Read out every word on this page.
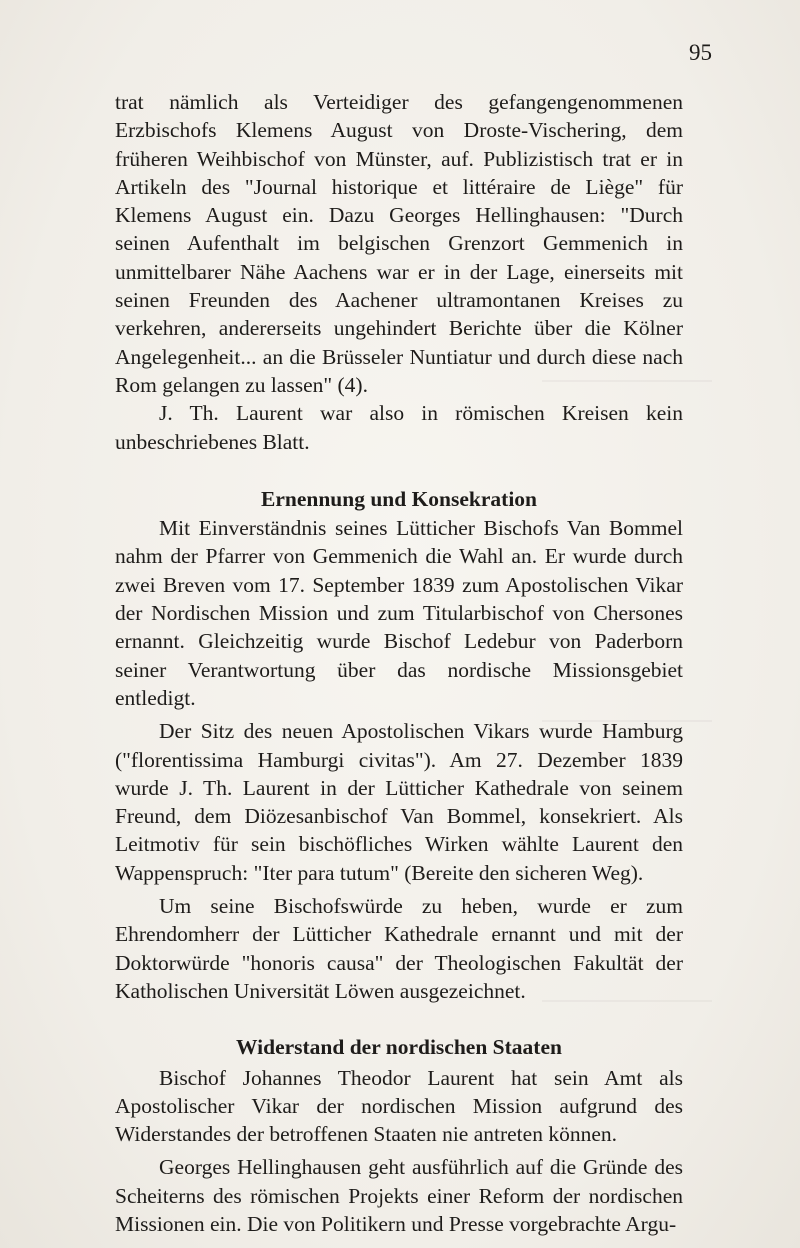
95

trat nämlich als Verteidiger des gefangengenommenen Erzbischofs Klemens August von Droste-Vischering, dem früheren Weihbischof von Münster, auf. Publizistisch trat er in Artikeln des "Journal historique et littéraire de Liège" für Klemens August ein. Dazu Georges Hellinghausen: "Durch seinen Aufenthalt im belgischen Grenzort Gemmenich in unmittelbarer Nähe Aachens war er in der Lage, einerseits mit seinen Freunden des Aachener ultramontanen Kreises zu verkehren, andererseits ungehindert Berichte über die Kölner Angelegenheit... an die Brüsseler Nuntiatur und durch diese nach Rom gelangen zu lassen" (4).

J. Th. Laurent war also in römischen Kreisen kein unbeschriebenes Blatt.

Ernennung und Konsekration

Mit Einverständnis seines Lütticher Bischofs Van Bommel nahm der Pfarrer von Gemmenich die Wahl an. Er wurde durch zwei Breven vom 17. September 1839 zum Apostolischen Vikar der Nordischen Mission und zum Titularbischof von Chersones ernannt. Gleichzeitig wurde Bischof Ledebur von Paderborn seiner Verantwortung über das nordische Missionsgebiet entledigt.

Der Sitz des neuen Apostolischen Vikars wurde Hamburg ("florentissima Hamburgi civitas"). Am 27. Dezember 1839 wurde J. Th. Laurent in der Lütticher Kathedrale von seinem Freund, dem Diözesanbischof Van Bommel, konsekriert. Als Leitmotiv für sein bischöfliches Wirken wählte Laurent den Wappenspruch: "Iter para tutum" (Bereite den sicheren Weg).

Um seine Bischofswürde zu heben, wurde er zum Ehrendomherr der Lütticher Kathedrale ernannt und mit der Doktorwürde "honoris causa" der Theologischen Fakultät der Katholischen Universität Löwen ausgezeichnet.

Widerstand der nordischen Staaten

Bischof Johannes Theodor Laurent hat sein Amt als Apostolischer Vikar der nordischen Mission aufgrund des Widerstandes der betroffenen Staaten nie antreten können.

Georges Hellinghausen geht ausführlich auf die Gründe des Scheiterns des römischen Projekts einer Reform der nordischen Missionen ein. Die von Politikern und Presse vorgebrachte Argu-
